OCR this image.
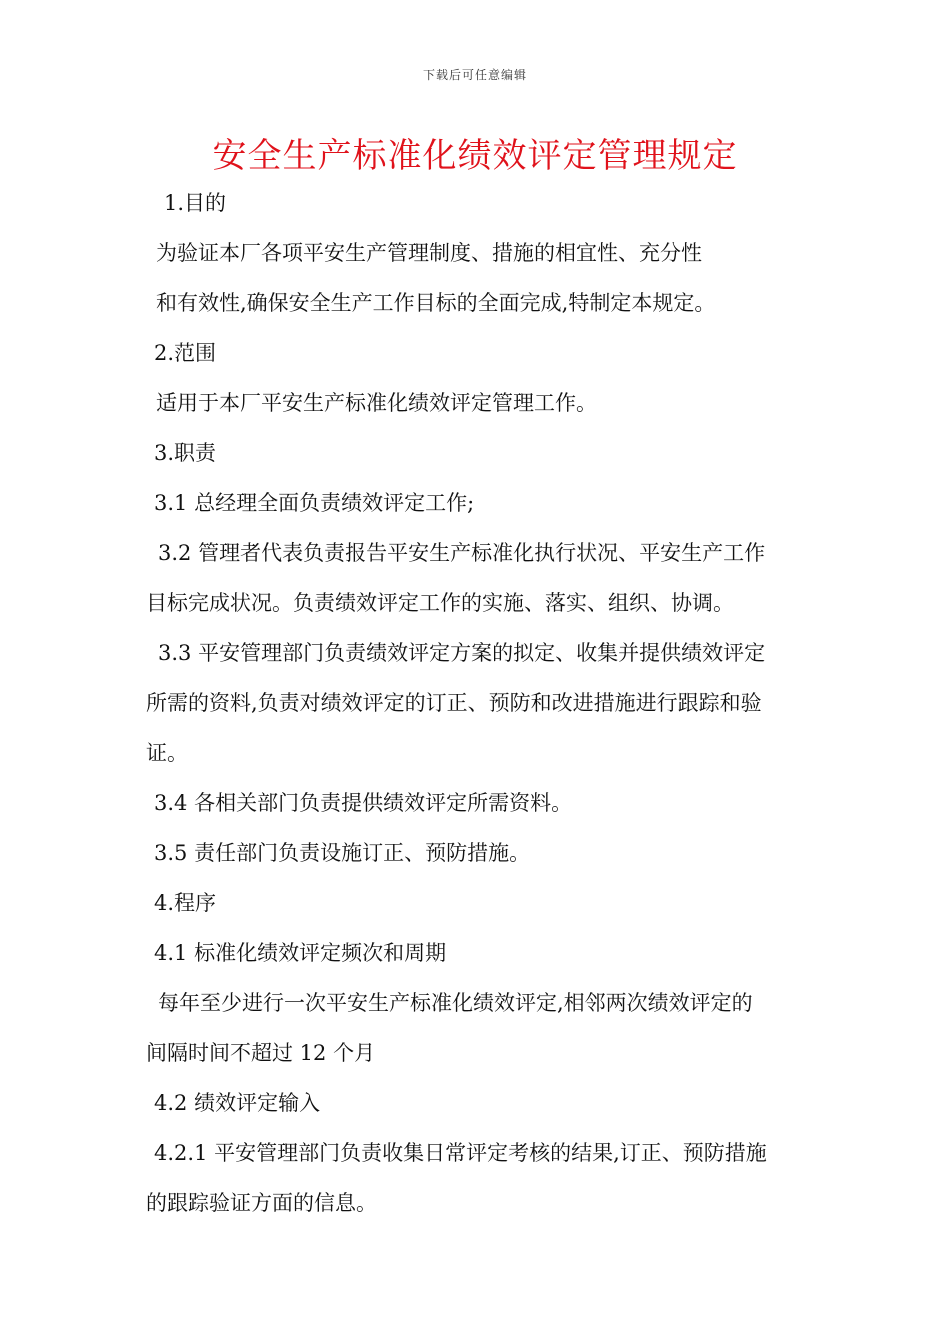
下载后可任意编辑
安全生产标准化绩效评定管理规定
1.目的
为验证本厂各项平安生产管理制度、措施的相宜性、充分性
和有效性,确保安全生产工作目标的全面完成,特制定本规定。
2.范围
适用于本厂平安生产标准化绩效评定管理工作。
3.职责
3.1 总经理全面负责绩效评定工作;
3.2 管理者代表负责报告平安生产标准化执行状况、平安生产工作
目标完成状况。负责绩效评定工作的实施、落实、组织、协调。
3.3 平安管理部门负责绩效评定方案的拟定、收集并提供绩效评定
所需的资料,负责对绩效评定的订正、预防和改进措施进行跟踪和验
证。
3.4 各相关部门负责提供绩效评定所需资料。
3.5 责任部门负责设施订正、预防措施。
4.程序
4.1 标准化绩效评定频次和周期
每年至少进行一次平安生产标准化绩效评定,相邻两次绩效评定的
间隔时间不超过 12 个月
4.2 绩效评定输入
4.2.1 平安管理部门负责收集日常评定考核的结果,订正、预防措施
的跟踪验证方面的信息。
